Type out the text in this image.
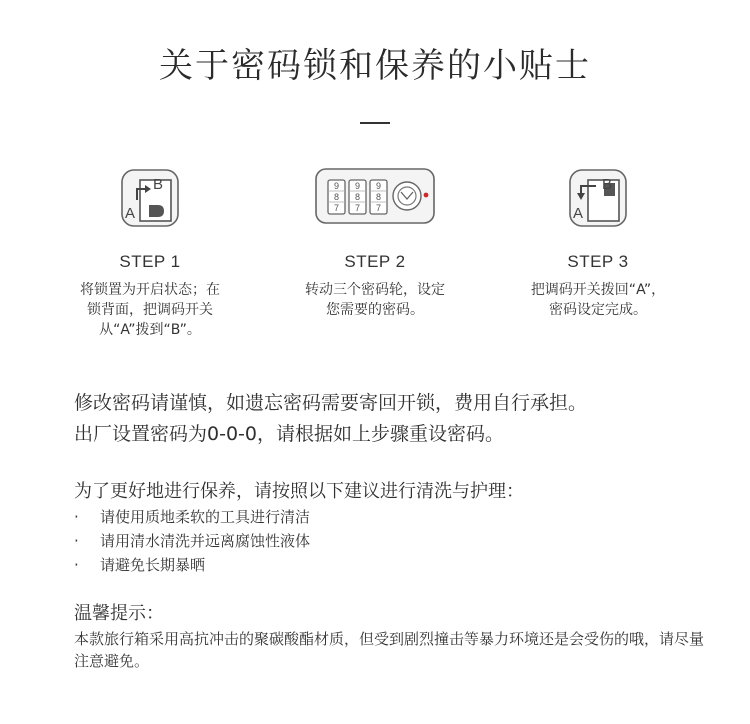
关于密码锁和保养的小贴士
B
A
STEP 1
将锁置为开启状态；在
锁背面，把调码开关
从“A”拨到“B”。
9
8
7
9
8
7
9
8
7
STEP 2
转动三个密码轮，设定
您需要的密码。
B
A
STEP 3
把调码开关拨回“A”，
密码设定完成。

修改密码请谨慎，如遗忘密码需要寄回开锁，费用自行承担。

出厂设置密码为0-0-0，请根据如上步骤重设密码。

为了更好地进行保养，请按照以下建议进行清洗与护理：
· 请使用质地柔软的工具进行清洁
· 请用清水清洗并远离腐蚀性液体
· 请避免长期暴晒
温馨提示：
本款旅行箱采用高抗冲击的聚碳酸酯材质，但受到剧烈撞击等暴力环境还是会受伤的哦，请尽量注意避免。
